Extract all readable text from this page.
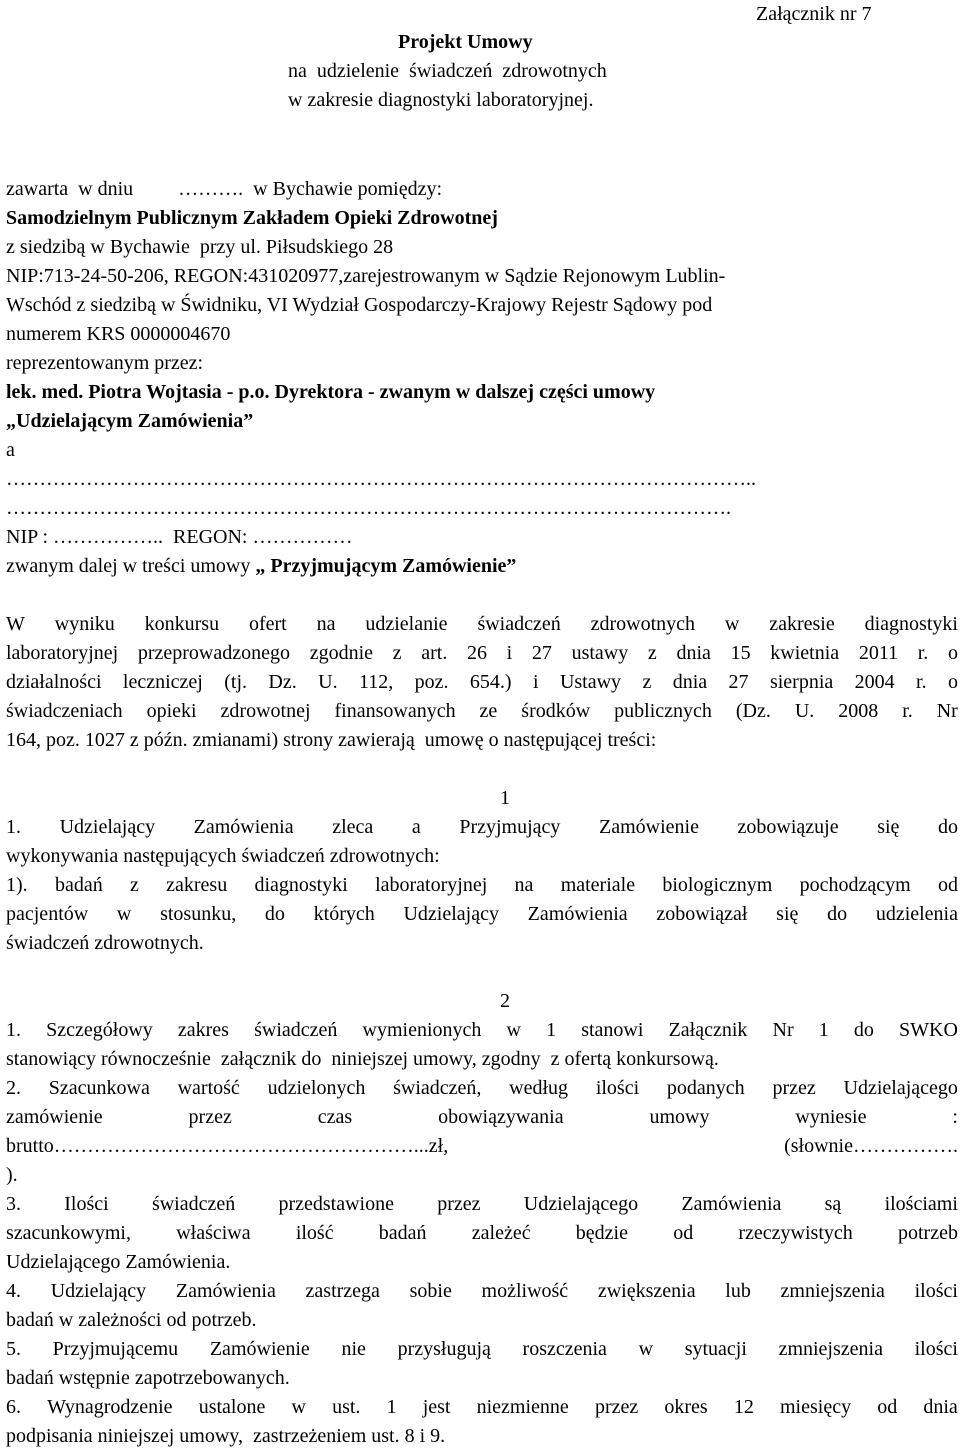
Załącznik nr 7
Projekt Umowy
na  udzielenie  świadczeń  zdrowotnych
w zakresie diagnostyki laboratoryjnej.
zawarta  w dniu         ……….  w Bychawie pomiędzy:
Samodzielnym Publicznym Zakładem Opieki Zdrowotnej
z siedzibą w Bychawie  przy ul. Piłsudskiego 28
NIP:713-24-50-206, REGON:431020977,zarejestrowanym w Sądzie Rejonowym Lublin-
Wschód z siedzibą w Świdniku, VI Wydział Gospodarczy-Krajowy Rejestr Sądowy pod
numerem KRS 0000004670
reprezentowanym przez:
lek. med. Piotra Wojtasia - p.o. Dyrektora - zwanym w dalszej części umowy
„Udzielającym Zamówienia”
a
…………………………………………………………………………………………………..
……………………………………………………………………………………………….
NIP : ……………..  REGON: ……………
zwanym dalej w treści umowy „ Przyjmującym Zamówienie”
W wyniku konkursu ofert na udzielanie świadczeń zdrowotnych w zakresie diagnostyki
laboratoryjnej przeprowadzonego zgodnie z art. 26 i 27 ustawy z dnia 15 kwietnia 2011 r. o
działalności leczniczej (tj. Dz. U. 112, poz. 654.) i Ustawy z dnia 27 sierpnia 2004 r. o
świadczeniach opieki zdrowotnej finansowanych ze środków publicznych (Dz. U. 2008 r. Nr
164, poz. 1027 z późn. zmianami) strony zawierają  umowę o następującej treści:
1
1. Udzielający Zamówienia zleca a Przyjmujący Zamówienie zobowiązuje się do
wykonywania następujących świadczeń zdrowotnych:
1). badań z zakresu diagnostyki laboratoryjnej na materiale biologicznym pochodzącym od
pacjentów w stosunku, do których Udzielający Zamówienia zobowiązał się do udzielenia
świadczeń zdrowotnych.
2
1. Szczegółowy zakres świadczeń wymienionych w 1 stanowi Załącznik Nr 1 do SWKO
stanowiący równocześnie  załącznik do  niniejszej umowy, zgodny  z ofertą konkursową.
2. Szacunkowa wartość udzielonych świadczeń, według ilości podanych przez Udzielającego
zamówienie	przez	czas	obowiązywania	umowy	wyniesie	:
brutto………………………………………………...zł,	(słownie…………….
).
3. Ilości świadczeń przedstawione przez Udzielającego Zamówienia są ilościami
szacunkowymi, właściwa ilość badań zależeć będzie od rzeczywistych potrzeb
Udzielającego Zamówienia.
4. Udzielający Zamówienia zastrzega sobie możliwość zwiększenia lub zmniejszenia ilości
badań w zależności od potrzeb.
5. Przyjmującemu Zamówienie nie przysługują roszczenia w sytuacji zmniejszenia ilości
badań wstępnie zapotrzebowanych.
6. Wynagrodzenie ustalone w ust. 1 jest niezmienne przez okres 12 miesięcy od dnia
podpisania niniejszej umowy,  zastrzeżeniem ust. 8 i 9.
